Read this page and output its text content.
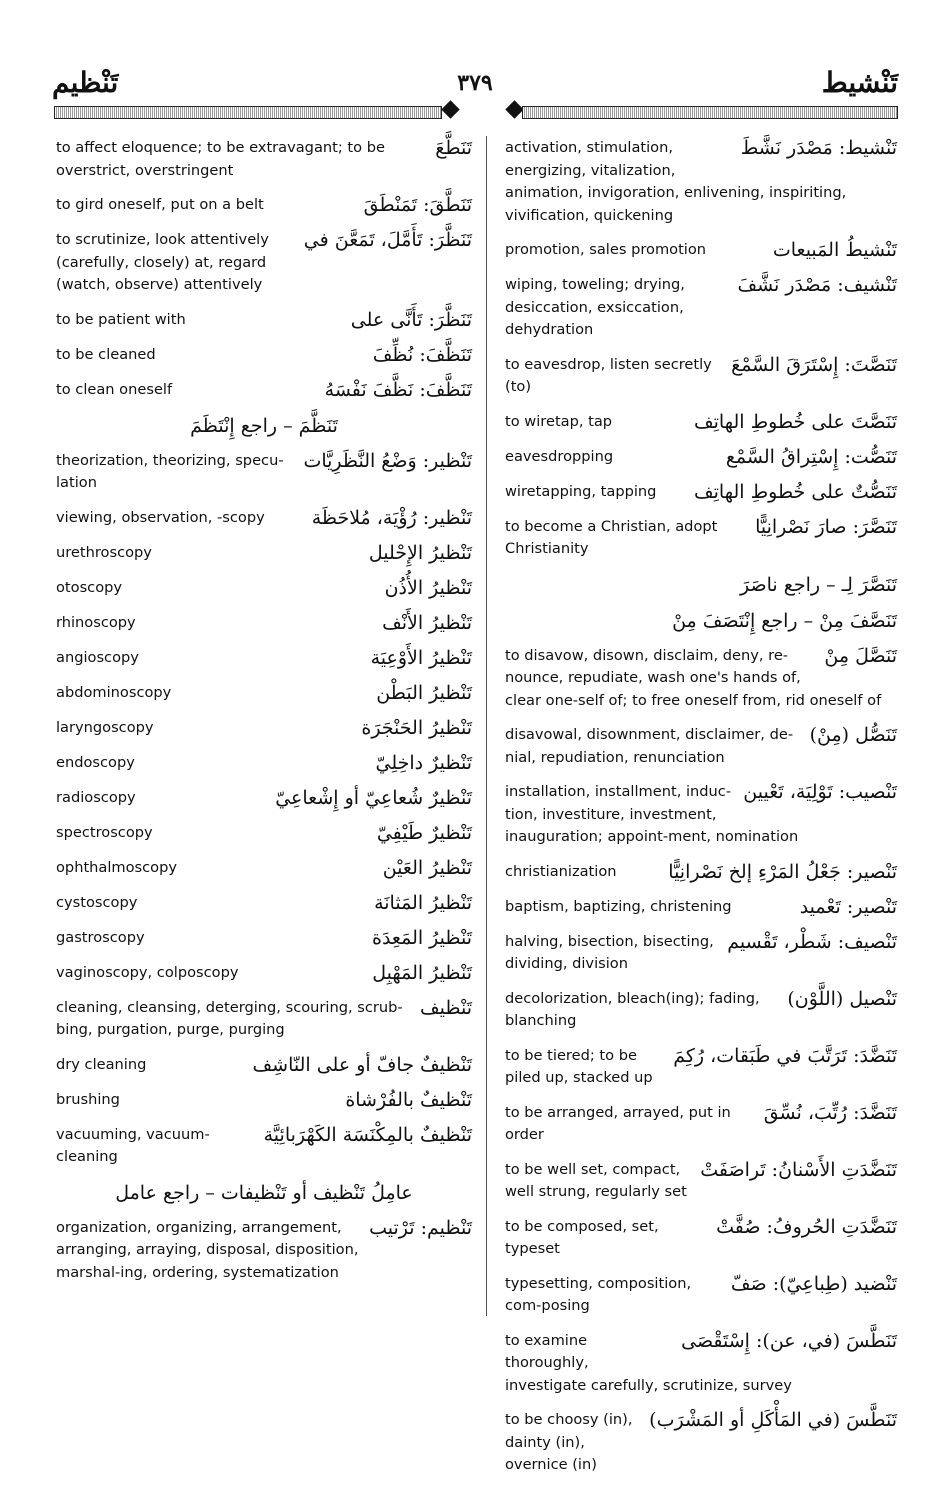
تَنْشيط
٣٧٩
تَنْظيم
تَنَطَّعَ
to affect eloquence; to be extravagant; to be overstrict, overstringent
تَنَطَّقَ: تَمَنْطَقَ
to gird oneself, put on a belt
تَنَظَّرَ: تَأَمَّلَ، تَمَعَّنَ في
to scrutinize, look attentively (carefully, closely) at, regard (watch, observe) attentively
تَنَظَّرَ: تَأَنَّى على
to be patient with
تَنَظَّفَ: نُظِّفَ
to be cleaned
تَنَظَّفَ: نَظَّفَ نَفْسَهُ
to clean oneself
تَنَظَّمَ – راجع إِنْتَظَمَ
تَنْظير: وَضْعُ النَّظَرِيَّات
theorization, theorizing, specu-lation
تَنْظير: رُؤْيَة، مُلاحَظَة
viewing, observation, -scopy
تَنْظيرُ الإِحْليل
urethroscopy
تَنْظيرُ الأُذُن
otoscopy
تَنْظيرُ الأَنْف
rhinoscopy
تَنْظيرُ الأَوْعِيَة
angioscopy
تَنْظيرُ البَطْن
abdominoscopy
تَنْظيرُ الحَنْجَرَة
laryngoscopy
تَنْظيرٌ داخِلِيّ
endoscopy
تَنْظيرٌ شُعاعِيّ أو إِشْعاعِيّ
radioscopy
تَنْظيرٌ طَيْفِيّ
spectroscopy
تَنْظيرُ العَيْن
ophthalmoscopy
تَنْظيرُ المَثانَة
cystoscopy
تَنْظيرُ المَعِدَة
gastroscopy
تَنْظيرُ المَهْبِل
vaginoscopy, colposcopy
تَنْظيف
cleaning, cleansing, deterging, scouring, scrub-bing, purgation, purge, purging
تَنْظيفٌ جافّ أو على النّاشِف
dry cleaning
تَنْظيفٌ بالفُرْشاة
brushing
تَنْظيفٌ بالمِكْنَسَة الكَهْرَبائِيَّة
vacuuming, vacuum-cleaning
عامِلُ تَنْظيف أو تَنْظيفات – راجع عامل
تَنْظيم: تَرْتيب
organization, organizing, arrangement, arranging, arraying, disposal, disposition, marshal-ing, ordering, systematization
تَنْشيط: مَصْدَر نَشَّطَ
activation, stimulation, energizing, vitalization, animation, invigoration, enlivening, inspiriting, vivification, quickening
تَنْشيطُ المَبيعات
promotion, sales promotion
تَنْشيف: مَصْدَر نَشَّفَ
wiping, toweling; drying, desiccation, exsiccation, dehydration
تَنَصَّتَ: إِسْتَرَقَ السَّمْعَ
to eavesdrop, listen secretly (to)
تَنَصَّتَ على خُطوطِ الهاتِف
to wiretap, tap
تَنَصُّت: إِسْتِراقُ السَّمْع
eavesdropping
تَنَصُّتٌ على خُطوطِ الهاتِف
wiretapping, tapping
تَنَصَّرَ: صارَ نَصْرانِيًّا
to become a Christian, adopt Christianity
تَنَصَّرَ لِـ – راجع ناصَرَ
تَنَصَّفَ مِنْ – راجع إِنْتَصَفَ مِنْ
تَنَصَّلَ مِنْ
to disavow, disown, disclaim, deny, re-nounce, repudiate, wash one's hands of, clear one-self of; to free oneself from, rid oneself of
تَنَصُّل (مِنْ)
disavowal, disownment, disclaimer, de-nial, repudiation, renunciation
تَنْصيب: تَوْلِيَة، تَعْيين
installation, installment, induc-tion, investiture, investment, inauguration; appoint-ment, nomination
تَنْصير: جَعْلُ المَرْءِ إلخ نَصْرانِيًّا
christianization
تَنْصير: تَعْميد
baptism, baptizing, christening
تَنْصيف: شَطْر، تَقْسيم
halving, bisection, bisecting, dividing, division
تَنْصيل (اللَّوْن)
decolorization, bleach(ing); fading, blanching
تَنَضَّدَ: تَرَتَّبَ في طَبَقات، رُكِمَ
to be tiered; to be piled up, stacked up
تَنَضَّدَ: رُتِّبَ، نُسِّقَ
to be arranged, arrayed, put in order
تَنَضَّدَتِ الأَسْنانُ: تَراصَفَتْ
to be well set, compact, well strung, regularly set
تَنَضَّدَتِ الحُروفُ: صُفَّتْ
to be composed, set, typeset
تَنْضيد (طِباعِيّ): صَفّ
typesetting, composition, com-posing
تَنَطَّسَ (في، عن): إِسْتَقْصَى
to examine thoroughly, investigate carefully, scrutinize, survey
تَنَطَّسَ (في المَأْكَلِ أو المَشْرَب)
to be choosy (in), dainty (in), overnice (in)
